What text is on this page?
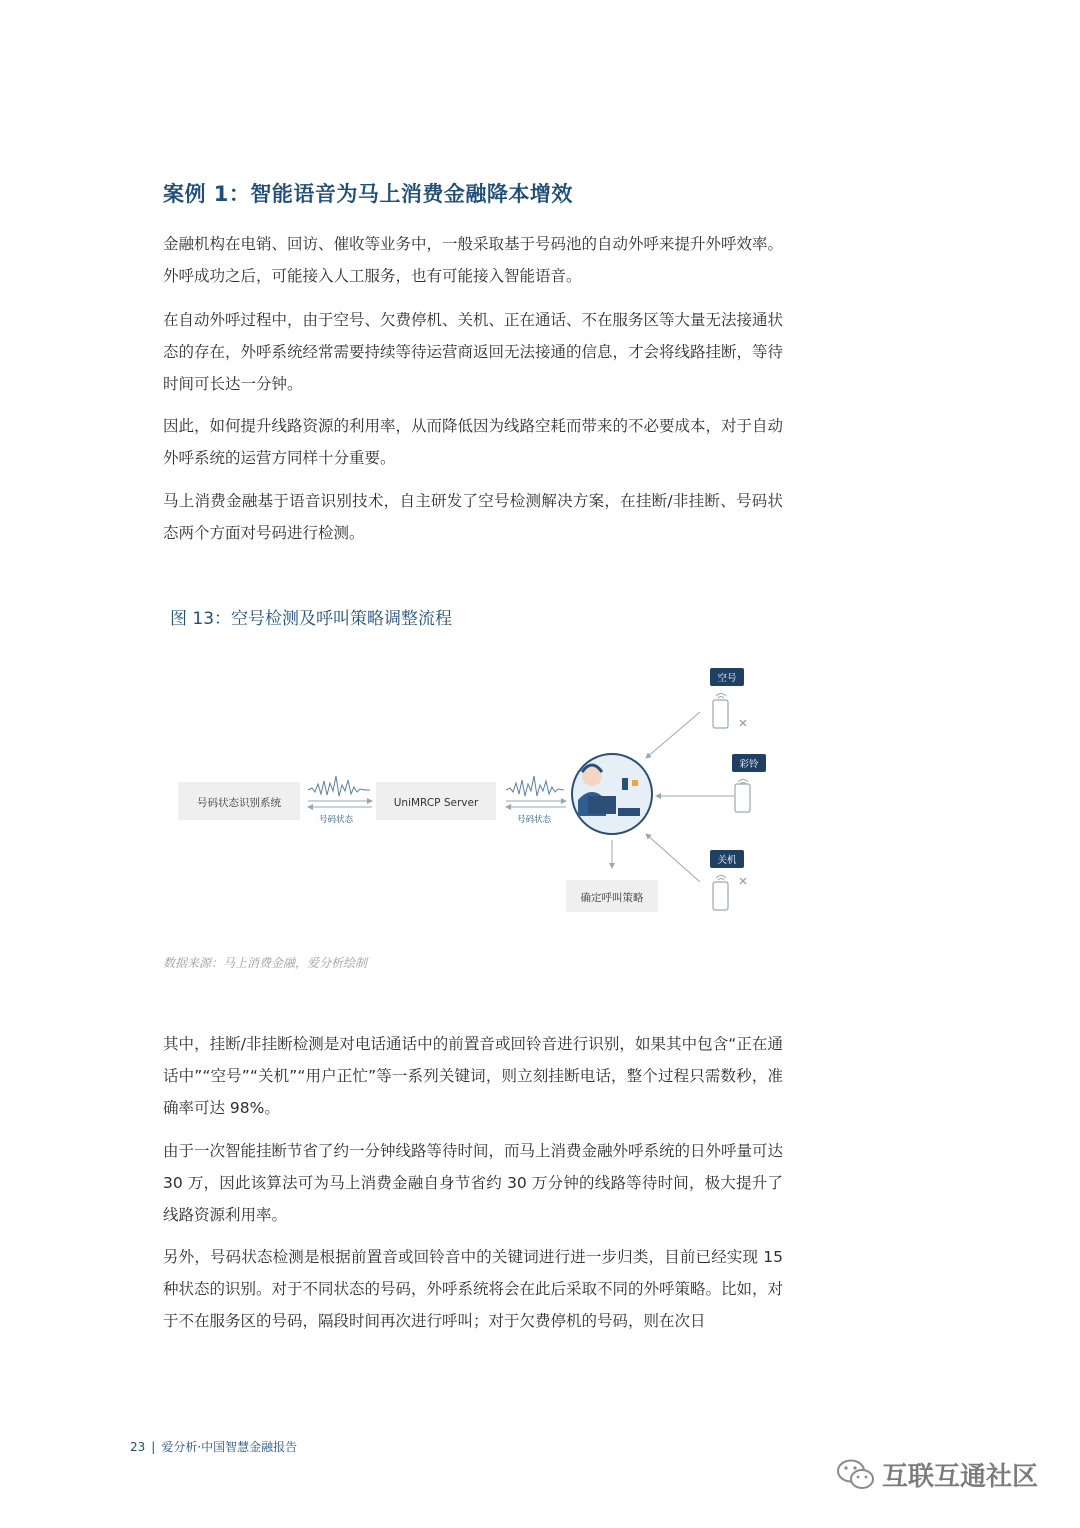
案例 1：智能语音为马上消费金融降本增效
金融机构在电销、回访、催收等业务中，一般采取基于号码池的自动外呼来提升外呼效率。外呼成功之后，可能接入人工服务，也有可能接入智能语音。
在自动外呼过程中，由于空号、欠费停机、关机、正在通话、不在服务区等大量无法接通状态的存在，外呼系统经常需要持续等待运营商返回无法接通的信息，才会将线路挂断，等待时间可长达一分钟。
因此，如何提升线路资源的利用率，从而降低因为线路空耗而带来的不必要成本，对于自动外呼系统的运营方同样十分重要。
马上消费金融基于语音识别技术，自主研发了空号检测解决方案，在挂断/非挂断、号码状态两个方面对号码进行检测。
图 13：空号检测及呼叫策略调整流程
号码状态识别系统
号码状态
UniMRCP Server
号码状态
确定呼叫策略
空号
彩铃
关机
数据来源：马上消费金融，爱分析绘制
其中，挂断/非挂断检测是对电话通话中的前置音或回铃音进行识别，如果其中包含“正在通话中”“空号”“关机”“用户正忙”等一系列关键词，则立刻挂断电话，整个过程只需数秒，准确率可达 98%。
由于一次智能挂断节省了约一分钟线路等待时间，而马上消费金融外呼系统的日外呼量可达 30 万，因此该算法可为马上消费金融自身节省约 30 万分钟的线路等待时间，极大提升了线路资源利用率。
另外，号码状态检测是根据前置音或回铃音中的关键词进行进一步归类，目前已经实现 15 种状态的识别。对于不同状态的号码，外呼系统将会在此后采取不同的外呼策略。比如，对于不在服务区的号码，隔段时间再次进行呼叫；对于欠费停机的号码，则在次日
23 | 爱分析·中国智慧金融报告
互联互通社区
